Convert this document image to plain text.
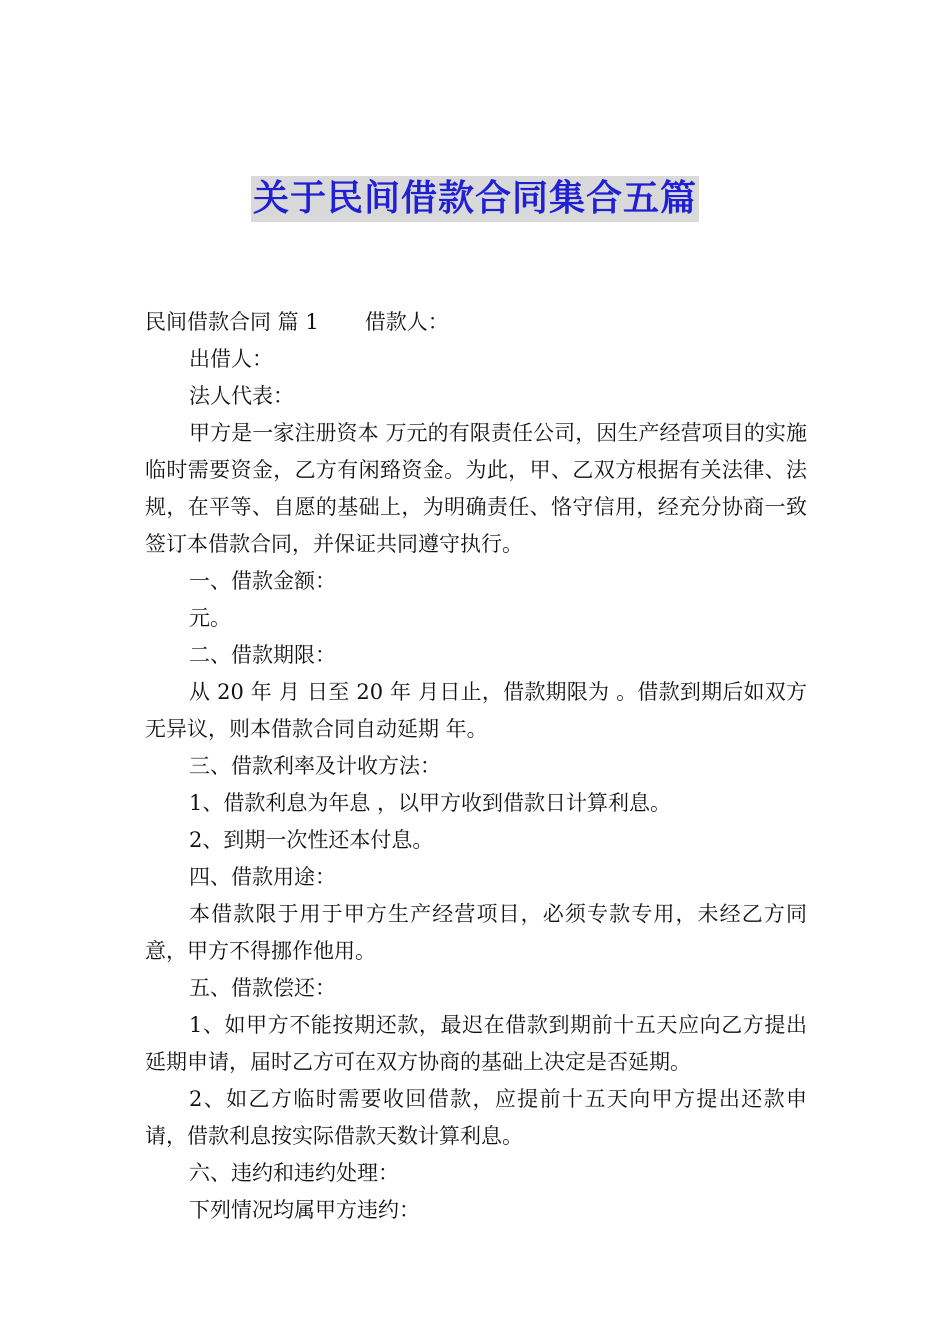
关于民间借款合同集合五篇

民间借款合同 篇 1 借款人：

出借人：

法人代表：

甲方是一家注册资本 万元的有限责任公司，因生产经营项目的实施临时需要资金，乙方有闲臵资金。为此，甲、乙双方根据有关法律、法规，在平等、自愿的基础上，为明确责任、恪守信用，经充分协商一致签订本借款合同，并保证共同遵守执行。

一、借款金额：

元。

二、借款期限：

从 20 年 月 日至 20 年 月日止，借款期限为 。借款到期后如双方无异议，则本借款合同自动延期 年。

三、借款利率及计收方法：

1、借款利息为年息 ，以甲方收到借款日计算利息。

2、到期一次性还本付息。

四、借款用途：

本借款限于用于甲方生产经营项目，必须专款专用，未经乙方同意，甲方不得挪作他用。

五、借款偿还：

1、如甲方不能按期还款，最迟在借款到期前十五天应向乙方提出延期申请，届时乙方可在双方协商的基础上决定是否延期。

2、如乙方临时需要收回借款，应提前十五天向甲方提出还款申请，借款利息按实际借款天数计算利息。

六、违约和违约处理：

下列情况均属甲方违约：
